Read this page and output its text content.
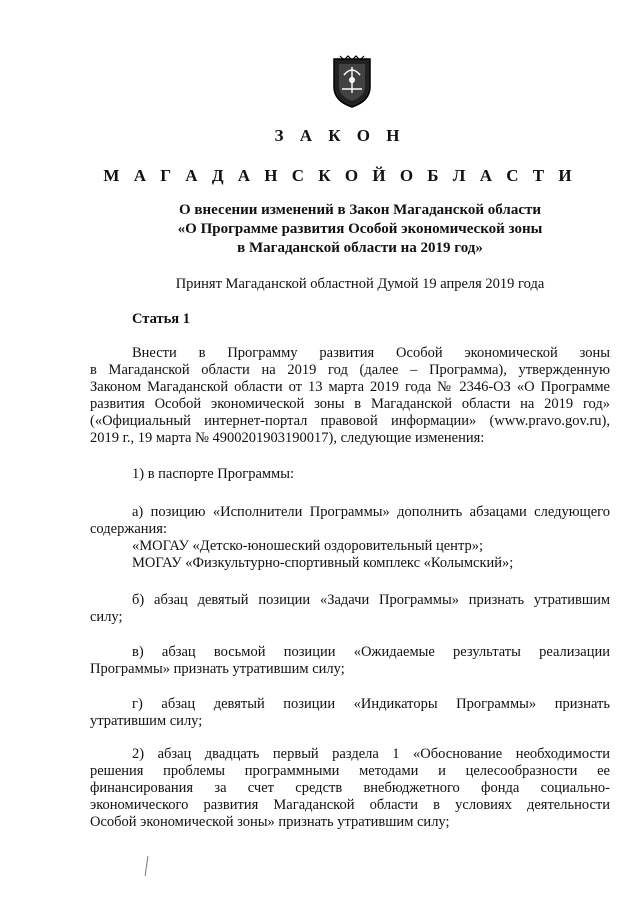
З А К О Н
М А Г А Д А Н С К О Й О Б Л А С Т И
О внесении изменений в Закон Магаданской области
«О Программе развития Особой экономической зоны
в Магаданской области на 2019 год»
Принят Магаданской областной Думой 19 апреля 2019 года
Статья 1
Внести в Программу развития Особой экономической зоны
в Магаданской области на 2019 год (далее – Программа), утвержденную
Законом Магаданской области от 13 марта 2019 года № 2346-ОЗ «О Программе
развития Особой экономической зоны в Магаданской области на 2019 год»
(«Официальный интернет-портал правовой информации» (www.pravo.gov.ru),
2019 г., 19 марта № 4900201903190017), следующие изменения:
1) в паспорте Программы:
а) позицию «Исполнители Программы» дополнить абзацами следующего
содержания:
«МОГАУ «Детско-юношеский оздоровительный центр»;
МОГАУ «Физкультурно-спортивный комплекс «Колымский»;
б) абзац девятый позиции «Задачи Программы» признать утратившим
силу;
в) абзац восьмой позиции «Ожидаемые результаты реализации
Программы» признать утратившим силу;
г) абзац девятый позиции «Индикаторы Программы» признать
утратившим силу;
2) абзац двадцать первый раздела 1 «Обоснование необходимости
решения проблемы программными методами и целесообразности ее
финансирования за счет средств внебюджетного фонда социально-
экономического развития Магаданской области в условиях деятельности
Особой экономической зоны» признать утратившим силу;
